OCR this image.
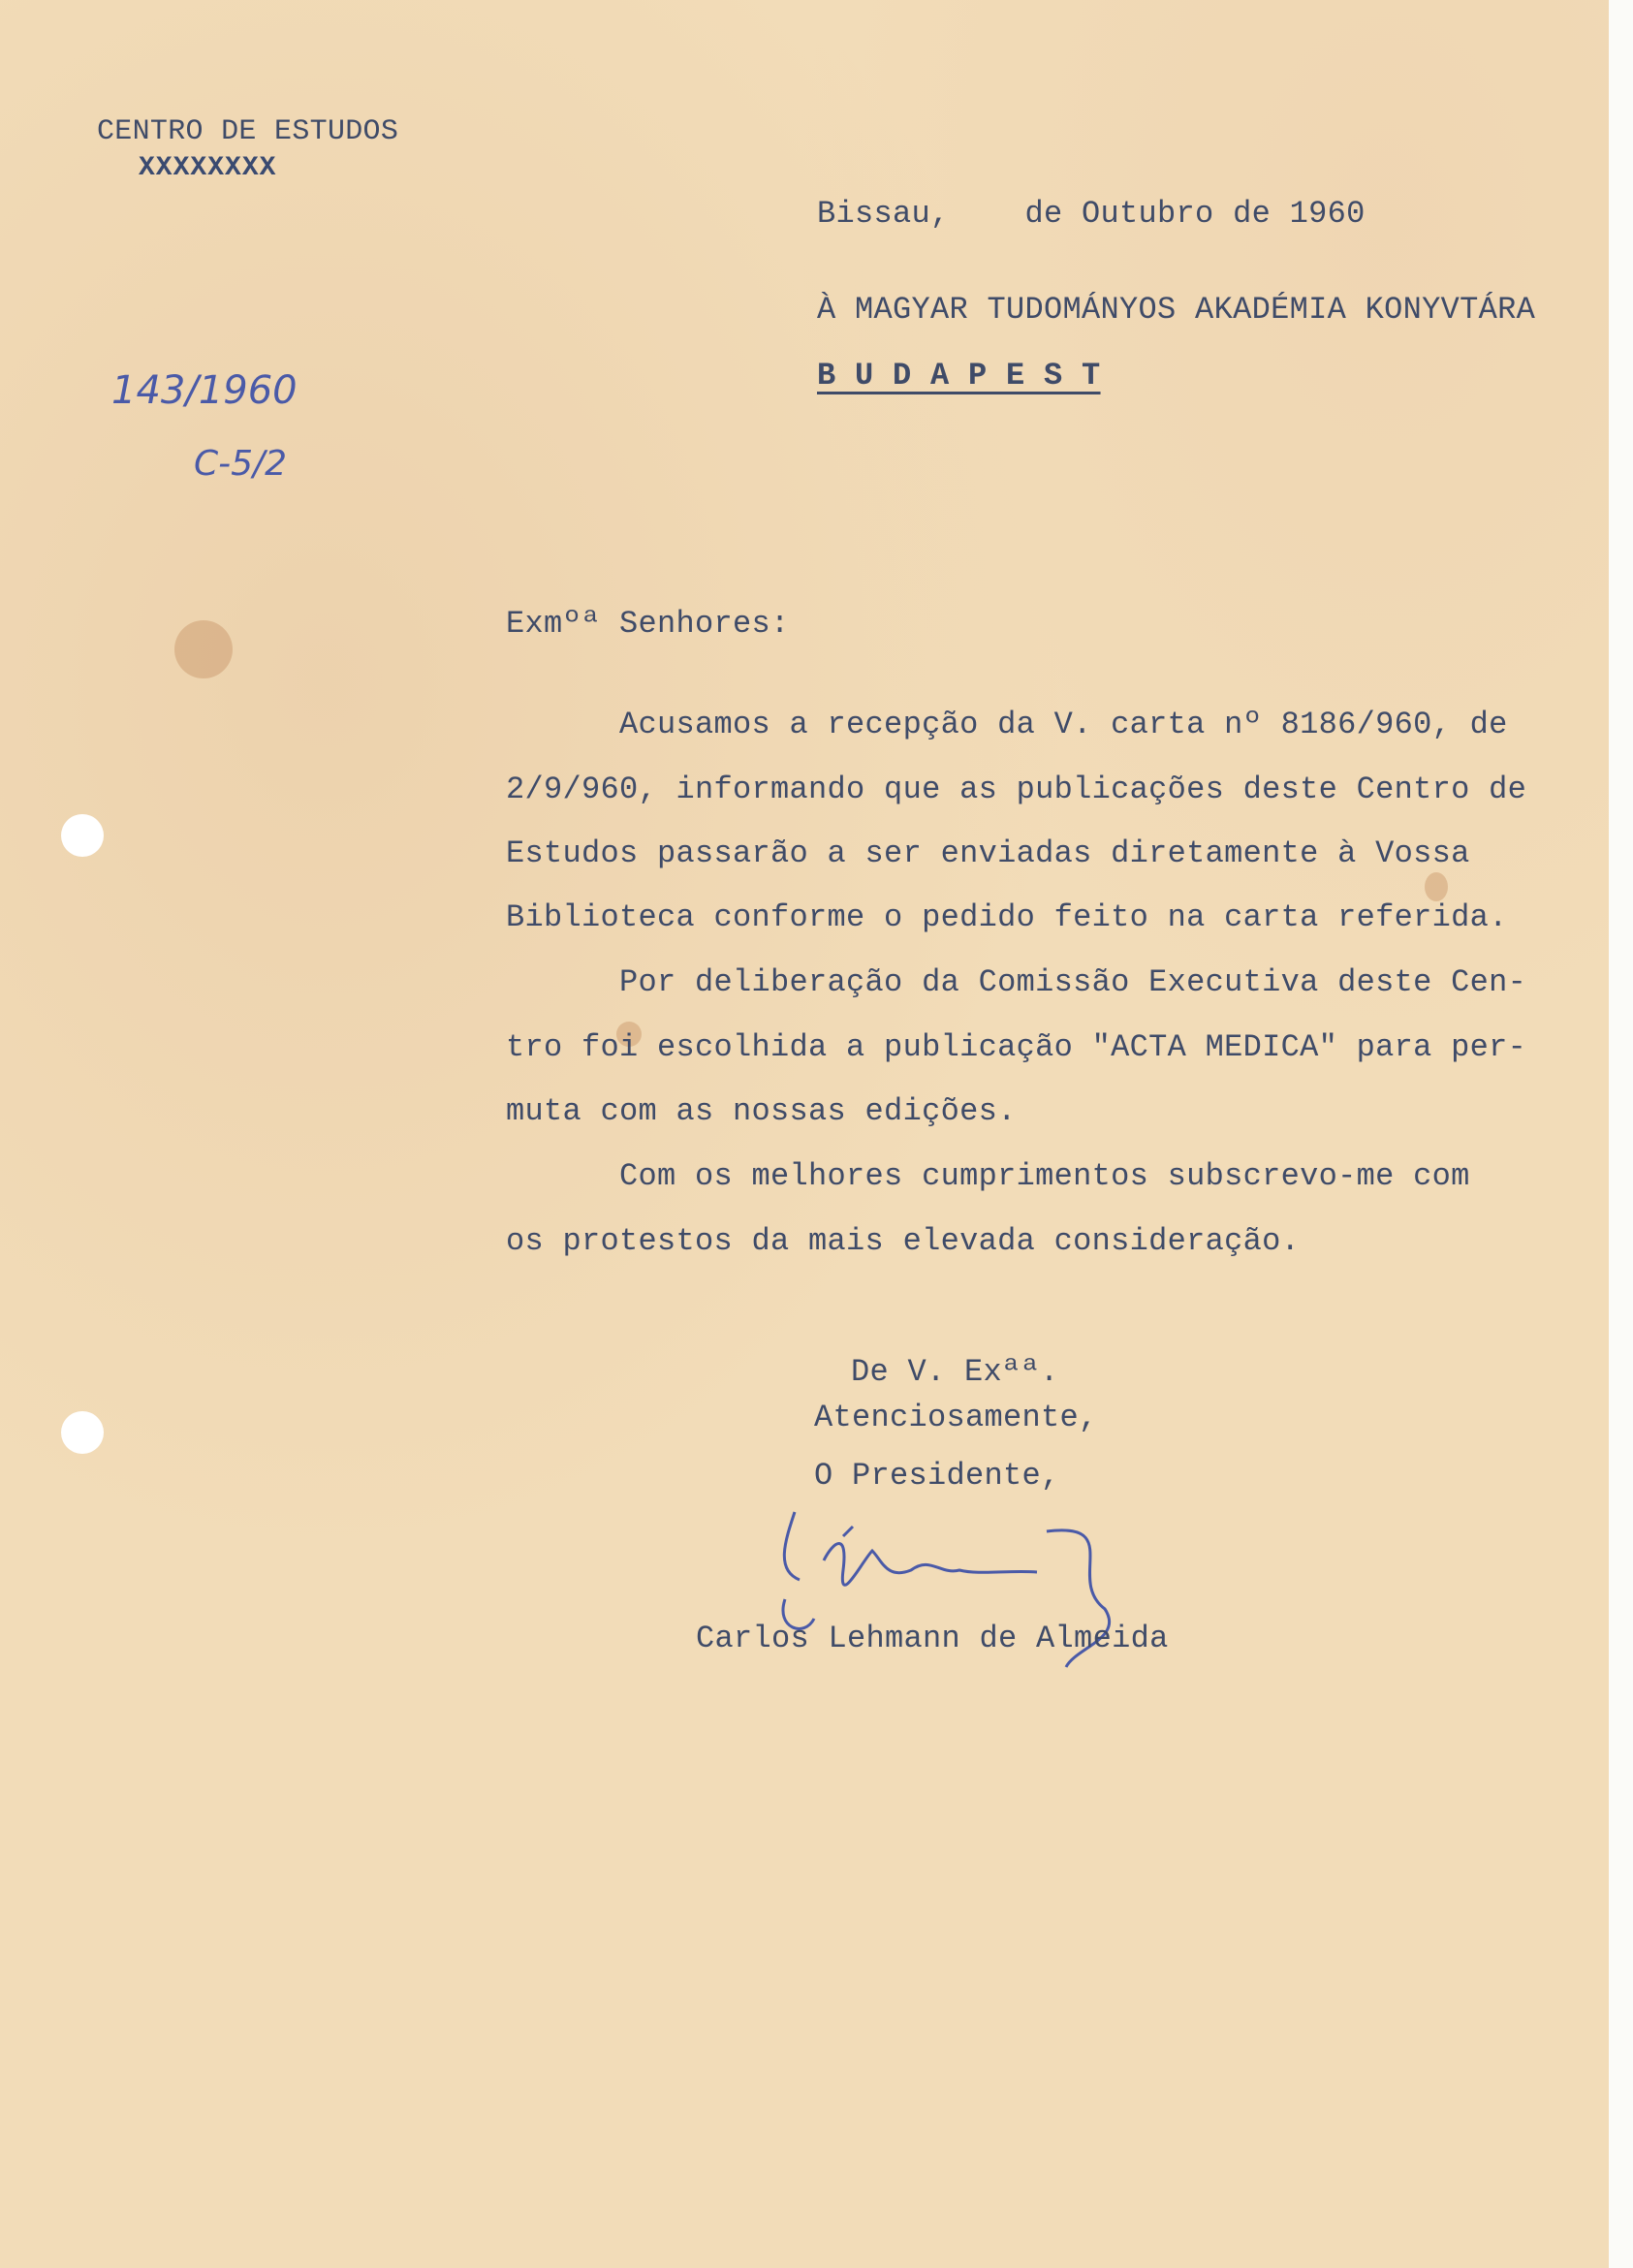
CENTRO DE ESTUDOS
XXXXXXXX
143/1960
C-5/2
Bissau,    de Outubro de 1960
À MAGYAR TUDOMÁNYOS AKADÉMIA KONYVTÁRA
B U D A P E S T
Exmºª Senhores:
Acusamos a recepção da V. carta nº 8186/960, de
2/9/960, informando que as publicações deste Centro de
Estudos passarão a ser enviadas diretamente à Vossa
Biblioteca conforme o pedido feito na carta referida.
Por deliberação da Comissão Executiva deste Cen-
tro foi escolhida a publicação "ACTA MEDICA" para per-
muta com as nossas edições.
Com os melhores cumprimentos subscrevo-me com
os protestos da mais elevada consideração.
De V. Exªª.
Atenciosamente,
O Presidente,
Carlos Lehmann de Almeida
